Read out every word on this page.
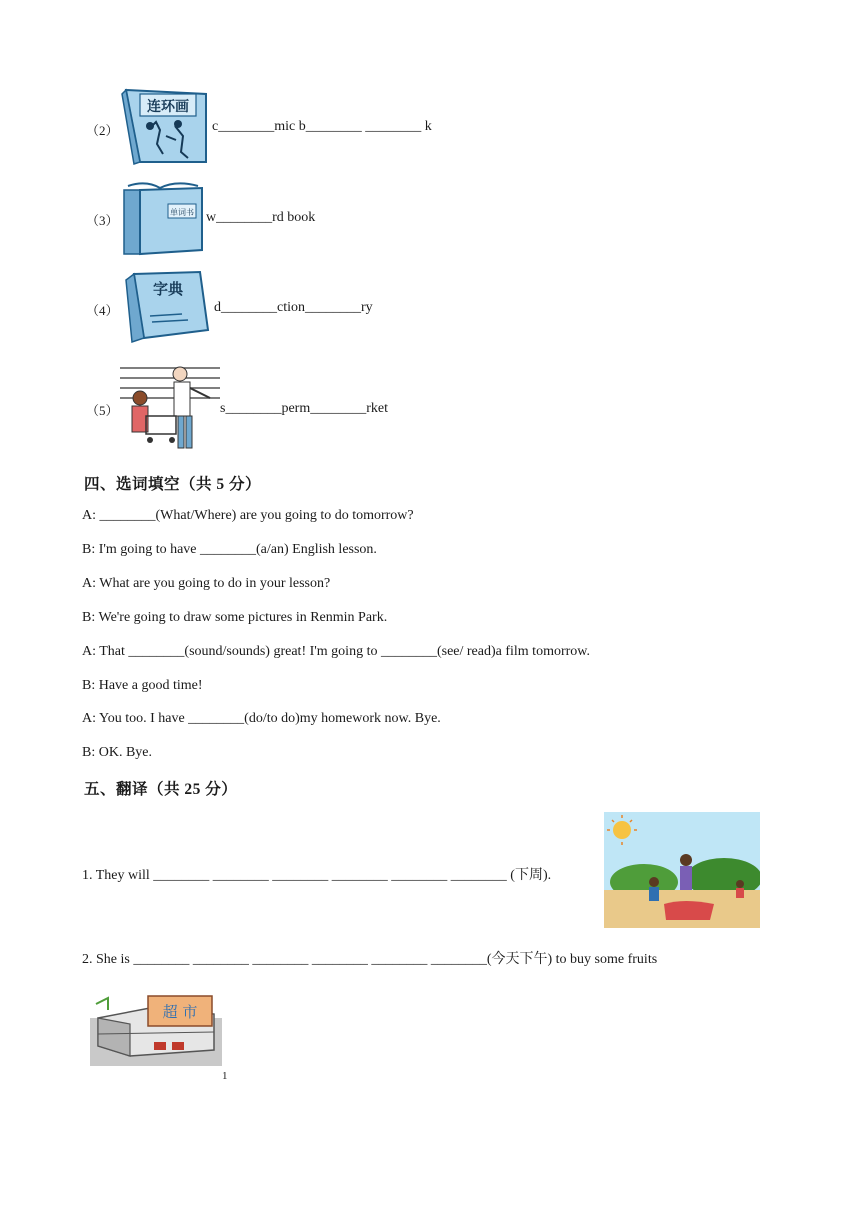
（2）
连环画
c________mic b________ ________ k
（3）
单词书 w________rd book
（4）
字典
d________ction________ry
（5）	s________perm________rket
四、选词填空（共 5 分）
A: ________(What/Where) are you going to do tomorrow?
B: I'm going to have ________(a/an) English lesson.
A: What are you going to do in your lesson?
B: We're going to draw some pictures in Renmin Park.
A: That ________(sound/sounds) great! I'm going to ________(see/ read)a film tomorrow.
B: Have a good time!
A: You too. I have ________(do/to do)my homework now. Bye.
B: OK. Bye.
五、翻译（共 25 分）
1. They will ________ ________ ________ ________ ________ ________ (下周).
2. She is ________ ________ ________ ________ ________ ________(今天下午) to buy some fruits
超 市
1
